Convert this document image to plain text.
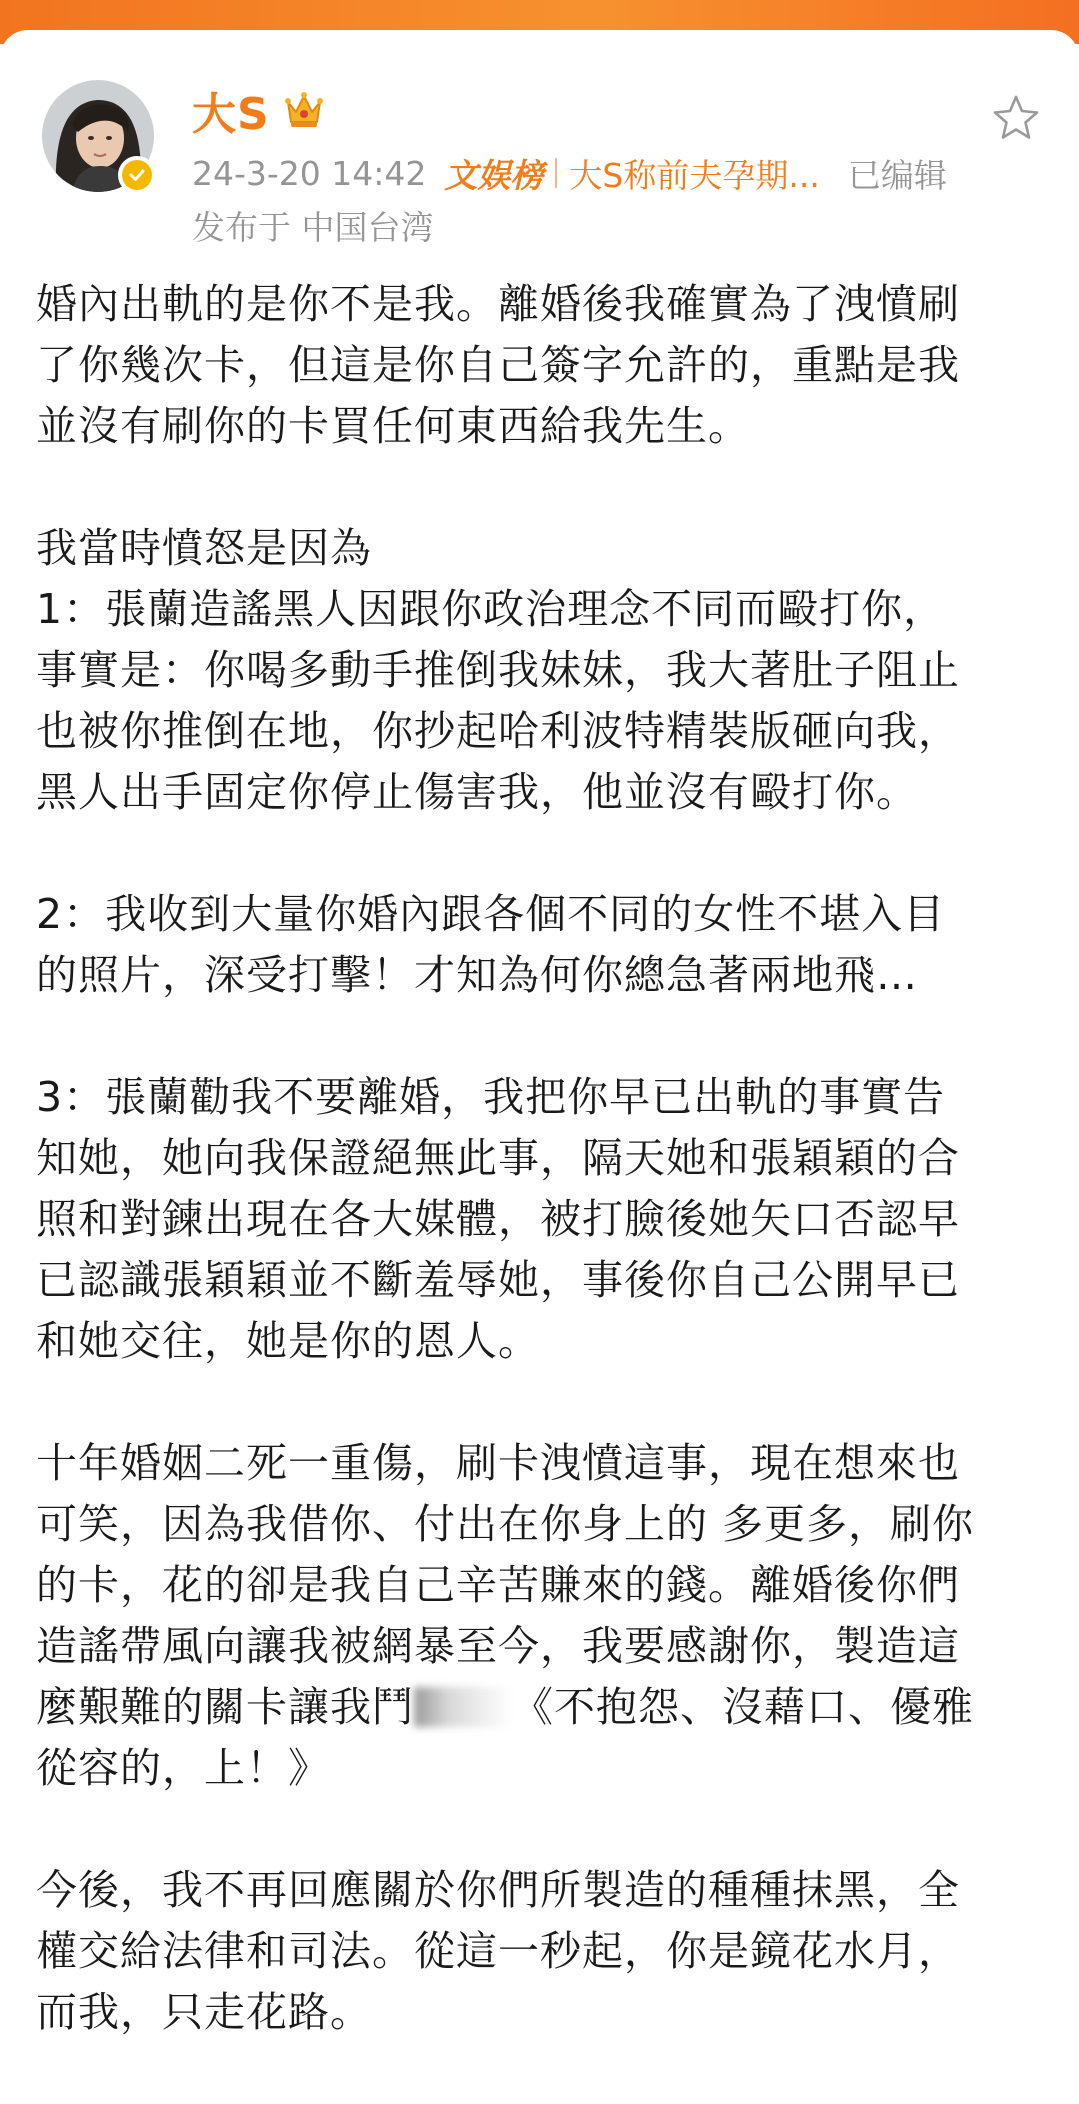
大S
24-3-20 14:42 文娱榜 大S称前夫孕期... 已编辑
发布于 中国台湾
婚內出軌的是你不是我。離婚後我確實為了洩憤刷
了你幾次卡，但這是你自己簽字允許的，重點是我
並沒有刷你的卡買任何東西給我先生。
我當時憤怒是因為
1：張蘭造謠黑人因跟你政治理念不同而毆打你，
事實是：你喝多動手推倒我妹妹，我大著肚子阻止
也被你推倒在地，你抄起哈利波特精裝版砸向我，
黑人出手固定你停止傷害我，他並沒有毆打你。
2：我收到大量你婚內跟各個不同的女性不堪入目
的照片，深受打擊！才知為何你總急著兩地飛…
3：張蘭勸我不要離婚，我把你早已出軌的事實告
知她，她向我保證絕無此事，隔天她和張穎穎的合
照和對鍊出現在各大媒體，被打臉後她矢口否認早
已認識張穎穎並不斷羞辱她，事後你自己公開早已
和她交往，她是你的恩人。
十年婚姻二死一重傷，刷卡洩憤這事，現在想來也
可笑，因為我借你、付出在你身上的 多更多，刷你
的卡，花的卻是我自己辛苦賺來的錢。離婚後你們
造謠帶風向讓我被網暴至今，我要感謝你，製造這
麼艱難的關卡讓我鬥 《不抱怨、沒藉口、優雅
從容的，上！》
今後，我不再回應關於你們所製造的種種抹黑，全
權交給法律和司法。從這一秒起，你是鏡花水月，
而我，只走花路。
